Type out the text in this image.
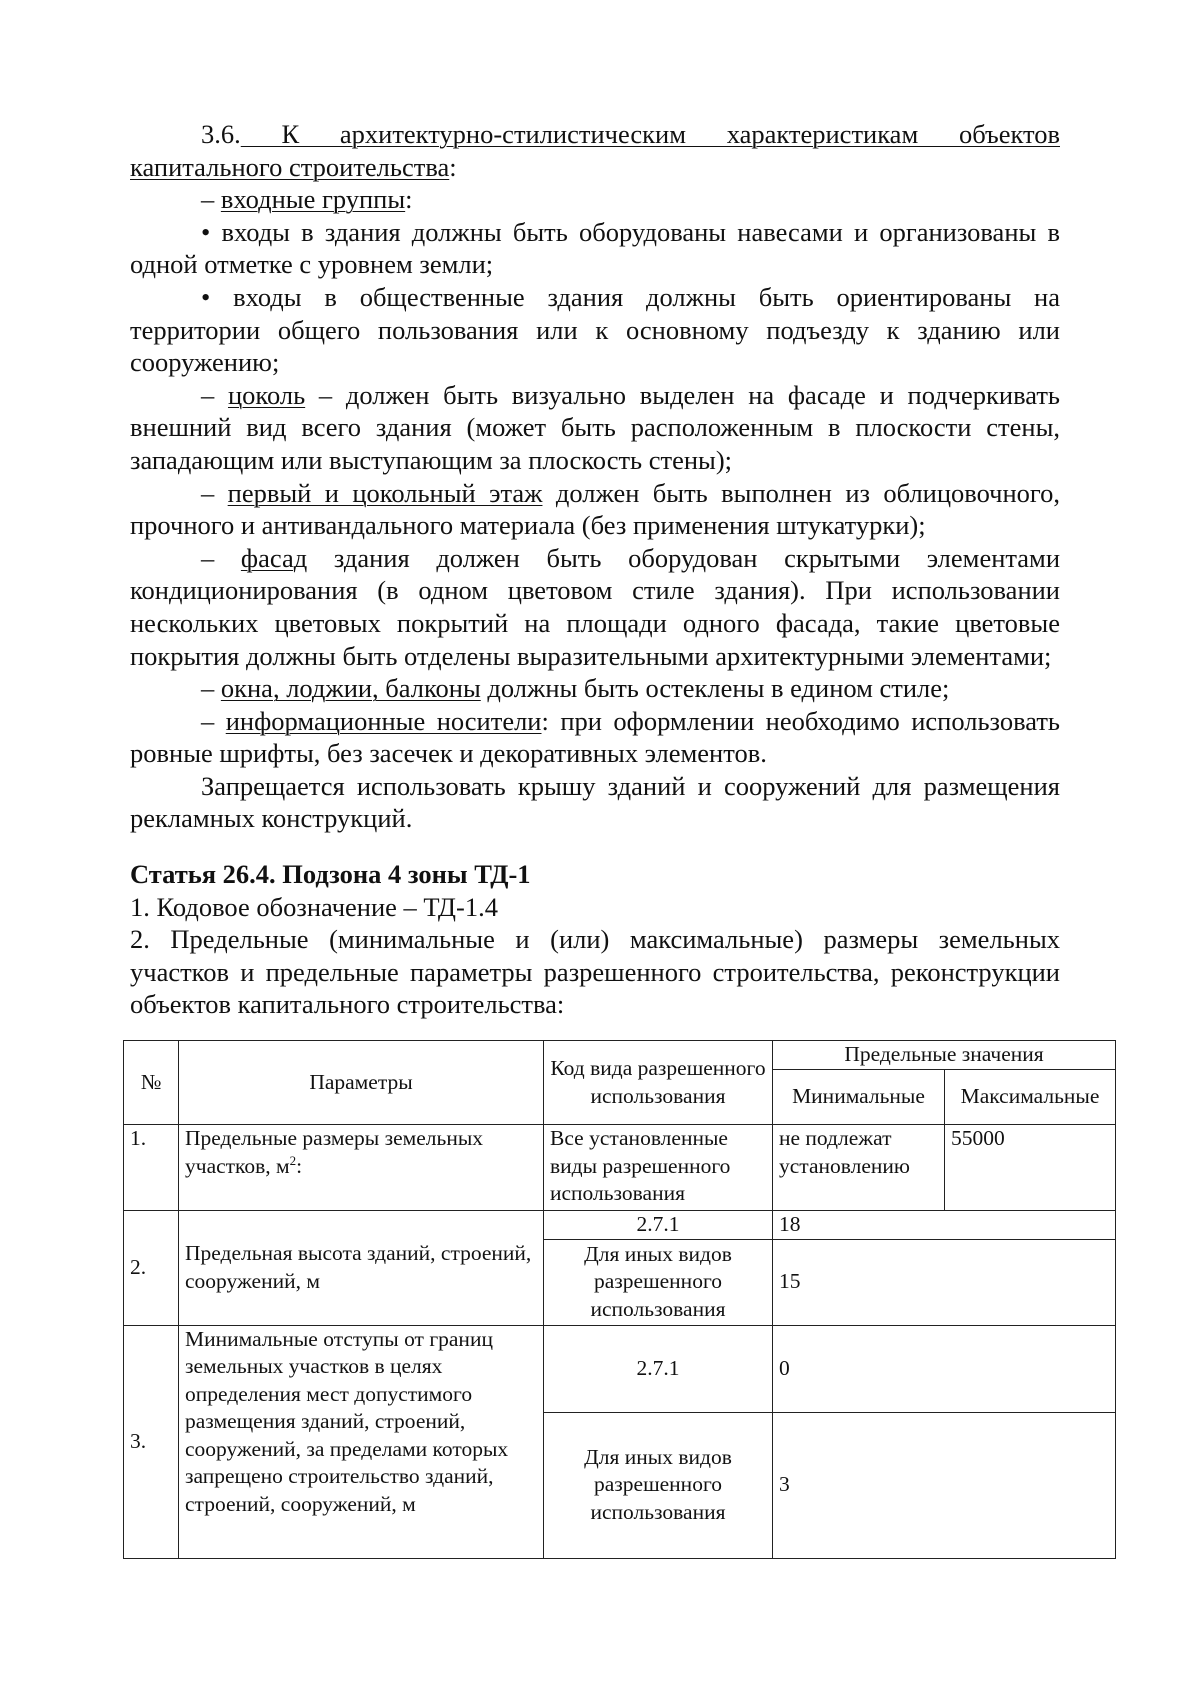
3.6. К архитектурно-стилистическим характеристикам объектов капитального строительства:

– входные группы:

• входы в здания должны быть оборудованы навесами и организованы в одной отметке с уровнем земли;

• входы в общественные здания должны быть ориентированы на территории общего пользования или к основному подъезду к зданию или сооружению;

– цоколь – должен быть визуально выделен на фасаде и подчеркивать внешний вид всего здания (может быть расположенным в плоскости стены, западающим или выступающим за плоскость стены);

– первый и цокольный этаж должен быть выполнен из облицовочного, прочного и антивандального материала (без применения штукатурки);

– фасад здания должен быть оборудован скрытыми элементами кондиционирования (в одном цветовом стиле здания). При использовании нескольких цветовых покрытий на площади одного фасада, такие цветовые покрытия должны быть отделены выразительными архитектурными элементами;

– окна, лоджии, балконы должны быть остеклены в едином стиле;

– информационные носители: при оформлении необходимо использовать ровные шрифты, без засечек и декоративных элементов.

Запрещается использовать крышу зданий и сооружений для размещения рекламных конструкций.

Статья 26.4. Подзона 4 зоны ТД-1

1. Кодовое обозначение – ТД-1.4

2. Предельные (минимальные и (или) максимальные) размеры земельных участков и предельные параметры разрешенного строительства, реконструкции объектов капитального строительства:

№	Параметры	Код вида разрешенного использования	Предельные значения	
			Минимальные	Максимальные
1.	Предельные размеры земельных участков, $м^2$:	Все установленные виды разрешенного использования	не подлежат установлению	55000
2.	Предельная высота зданий, строений, сооружений, м	2.7.1	18	
		Для иных видов разрешенного использования	15	
3.	Минимальные отступы от границ земельных участков в целях определения мест допустимого размещения зданий, строений, сооружений, за пределами которых запрещено строительство зданий, строений, сооружений, м	2.7.1	0	
		Для иных видов разрешенного использования	3	
